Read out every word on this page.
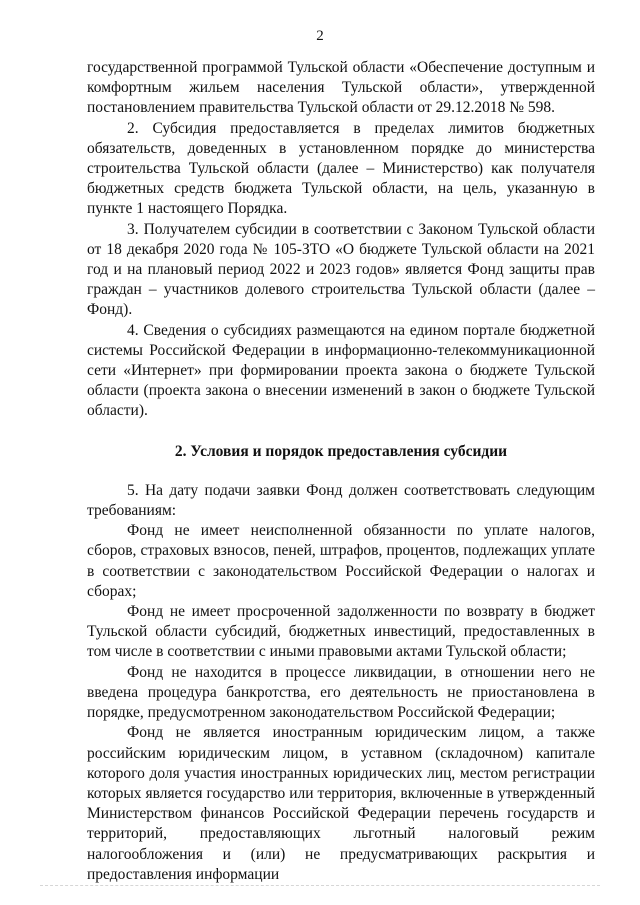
2

государственной программой Тульской области «Обеспечение доступным и комфортным жильем населения Тульской области», утвержденной постановлением правительства Тульской области от 29.12.2018 № 598.

2. Субсидия предоставляется в пределах лимитов бюджетных обязательств, доведенных в установленном порядке до министерства строительства Тульской области (далее – Министерство) как получателя бюджетных средств бюджета Тульской области, на цель, указанную в пункте 1 настоящего Порядка.

3. Получателем субсидии в соответствии с Законом Тульской области от 18 декабря 2020 года № 105-ЗТО «О бюджете Тульской области на 2021 год и на плановый период 2022 и 2023 годов» является Фонд защиты прав граждан – участников долевого строительства Тульской области (далее – Фонд).

4. Сведения о субсидиях размещаются на едином портале бюджетной системы Российской Федерации в информационно-телекоммуникационной сети «Интернет» при формировании проекта закона о бюджете Тульской области (проекта закона о внесении изменений в закон о бюджете Тульской области).

2. Условия и порядок предоставления субсидии

5. На дату подачи заявки Фонд должен соответствовать следующим требованиям:

Фонд не имеет неисполненной обязанности по уплате налогов, сборов, страховых взносов, пеней, штрафов, процентов, подлежащих уплате в соответствии с законодательством Российской Федерации о налогах и сборах;

Фонд не имеет просроченной задолженности по возврату в бюджет Тульской области субсидий, бюджетных инвестиций, предоставленных в том числе в соответствии с иными правовыми актами Тульской области;

Фонд не находится в процессе ликвидации, в отношении него не введена процедура банкротства, его деятельность не приостановлена в порядке, предусмотренном законодательством Российской Федерации;

Фонд не является иностранным юридическим лицом, а также российским юридическим лицом, в уставном (складочном) капитале которого доля участия иностранных юридических лиц, местом регистрации которых является государство или территория, включенные в утвержденный Министерством финансов Российской Федерации перечень государств и территорий, предоставляющих льготный налоговый режим налогообложения и (или) не предусматривающих раскрытия и предоставления информации
